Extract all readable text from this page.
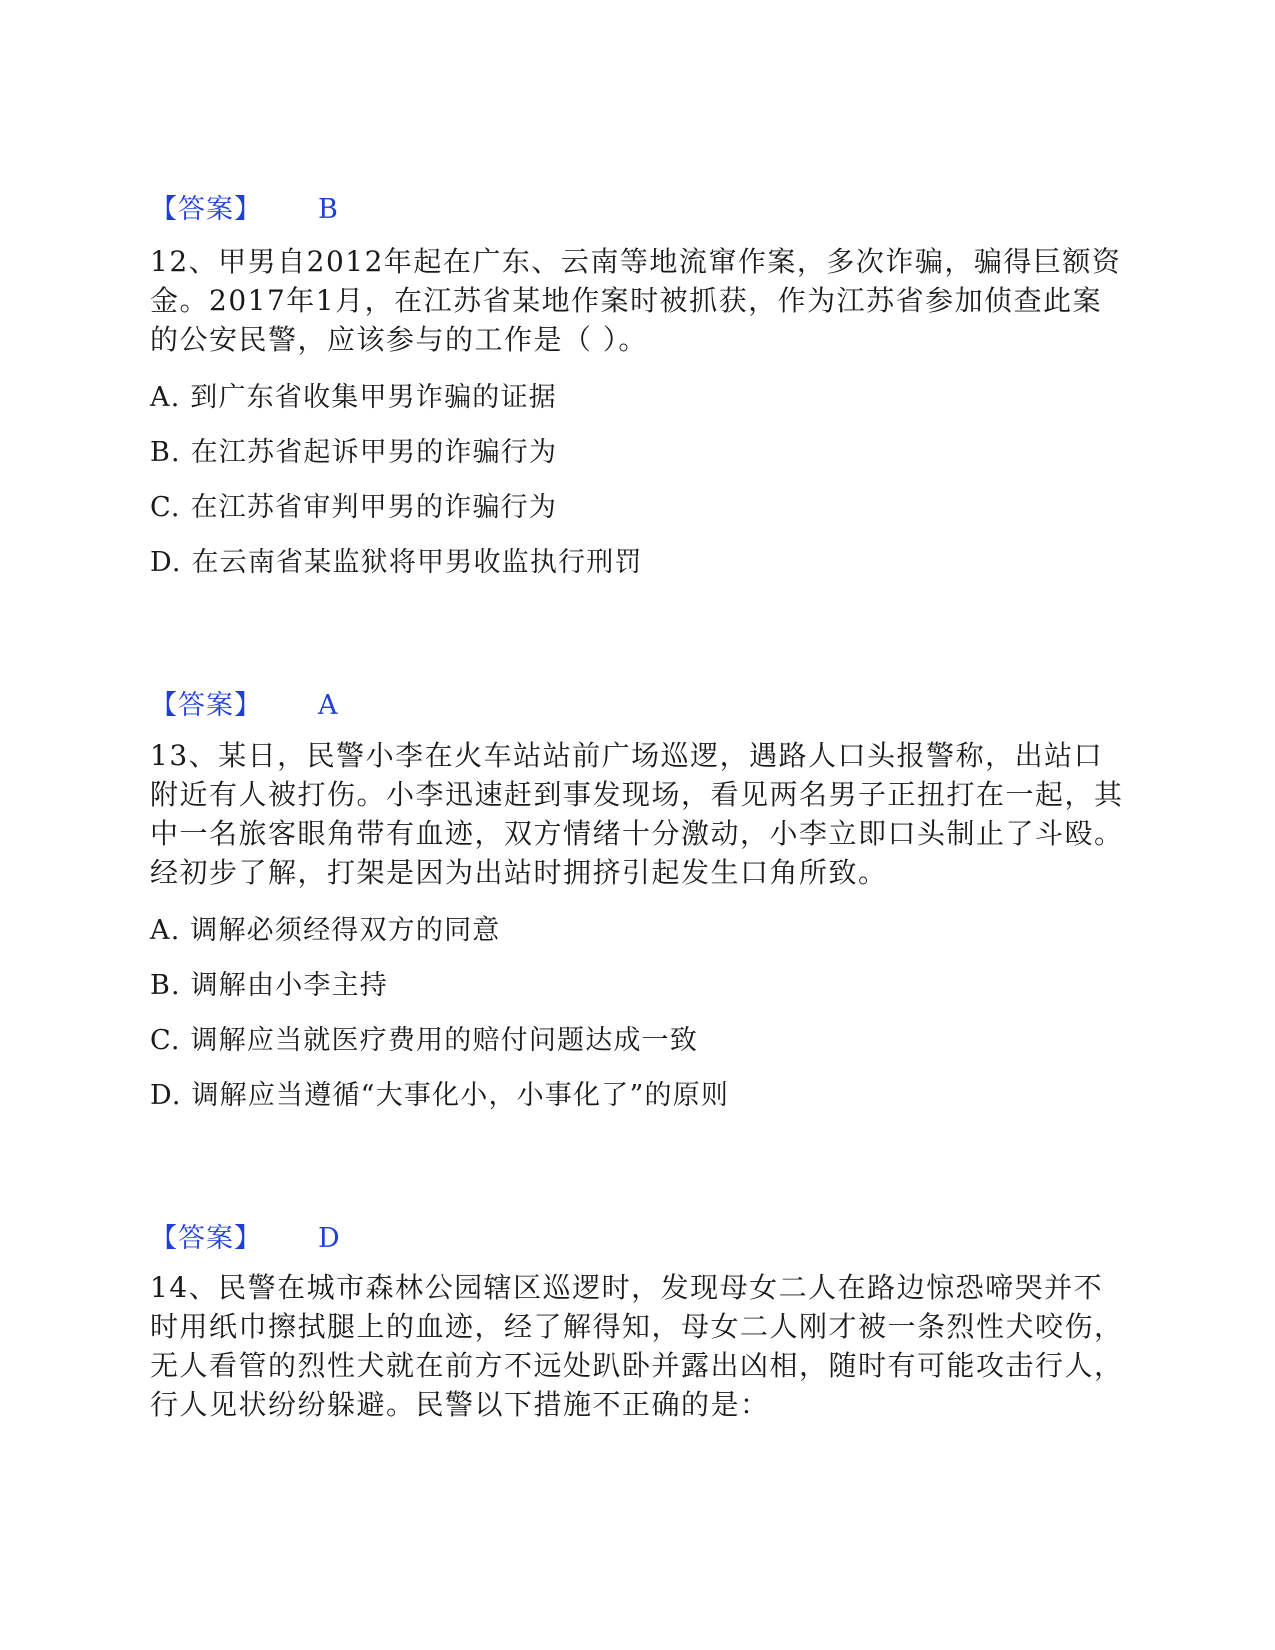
【答案】 B
12、甲男自2012年起在广东、云南等地流窜作案，多次诈骗，骗得巨额资金。2017年1月，在江苏省某地作案时被抓获，作为江苏省参加侦查此案的公安民警，应该参与的工作是（ ）。
A. 到广东省收集甲男诈骗的证据
B. 在江苏省起诉甲男的诈骗行为
C. 在江苏省审判甲男的诈骗行为
D. 在云南省某监狱将甲男收监执行刑罚
【答案】 A
13、某日，民警小李在火车站站前广场巡逻，遇路人口头报警称，出站口附近有人被打伤。小李迅速赶到事发现场，看见两名男子正扭打在一起，其中一名旅客眼角带有血迹，双方情绪十分激动，小李立即口头制止了斗殴。经初步了解，打架是因为出站时拥挤引起发生口角所致。
A. 调解必须经得双方的同意
B. 调解由小李主持
C. 调解应当就医疗费用的赔付问题达成一致
D. 调解应当遵循“大事化小，小事化了”的原则
【答案】 D
14、民警在城市森林公园辖区巡逻时，发现母女二人在路边惊恐啼哭并不时用纸巾擦拭腿上的血迹，经了解得知，母女二人刚才被一条烈性犬咬伤，无人看管的烈性犬就在前方不远处趴卧并露出凶相，随时有可能攻击行人，行人见状纷纷躲避。民警以下措施不正确的是：
